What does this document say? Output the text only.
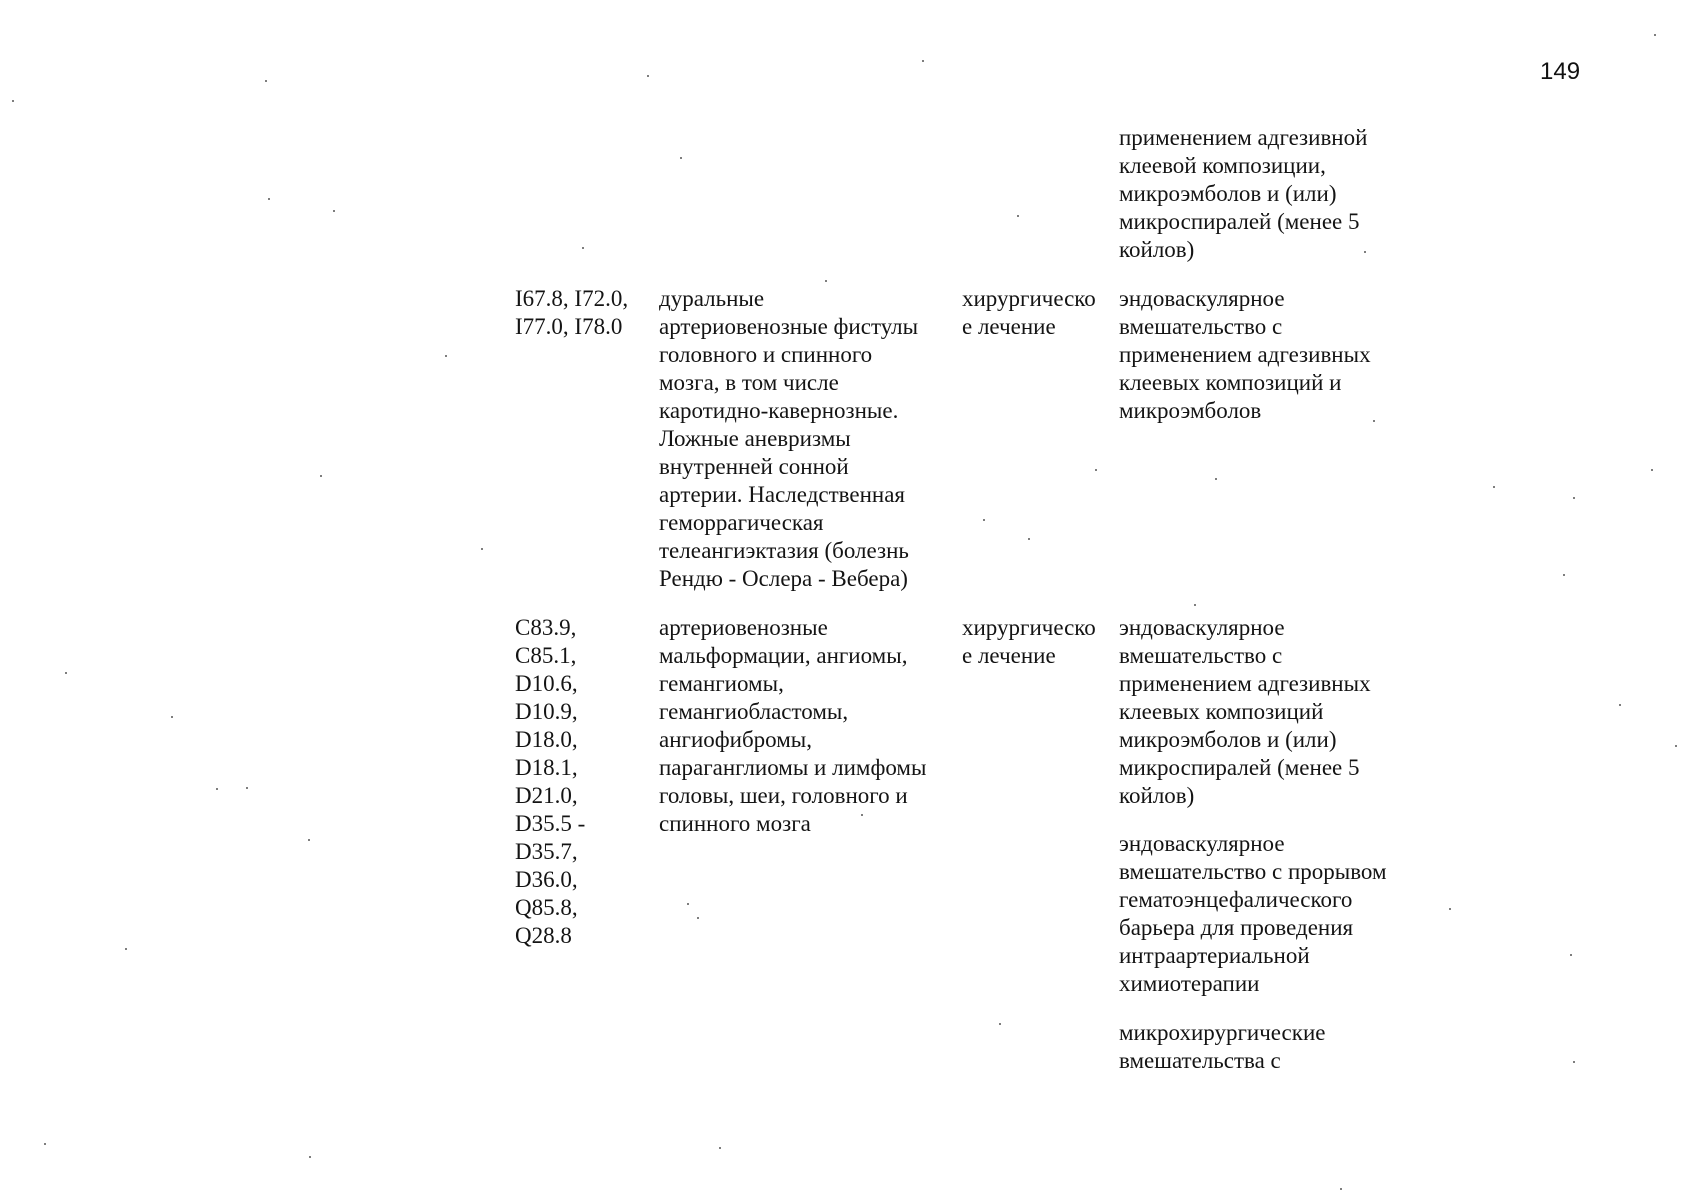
149
применением адгезивной
клеевой композиции,
микроэмболов и (или)
микроспиралей (менее 5
койлов)
I67.8, I72.0,
I77.0, I78.0
дуральные
артериовенозные фистулы
головного и спинного
мозга, в том числе
каротидно-кавернозные.
Ложные аневризмы
внутренней сонной
артерии. Наследственная
геморрагическая
телеангиэктазия (болезнь
Рендю - Ослера - Вебера)
хирургическо
е лечение
эндоваскулярное
вмешательство с
применением адгезивных
клеевых композиций и
микроэмболов
C83.9,
C85.1,
D10.6,
D10.9,
D18.0,
D18.1,
D21.0,
D35.5 -
D35.7,
D36.0,
Q85.8,
Q28.8
артериовенозные
мальформации, ангиомы,
гемангиомы,
гемангиобластомы,
ангиофибромы,
параганглиомы и лимфомы
головы, шеи, головного и
спинного мозга
хирургическо
е лечение
эндоваскулярное
вмешательство с
применением адгезивных
клеевых композиций
микроэмболов и (или)
микроспиралей (менее 5
койлов)
эндоваскулярное
вмешательство с прорывом
гематоэнцефалического
барьера для проведения
интраартериальной
химиотерапии
микрохирургические
вмешательства с
